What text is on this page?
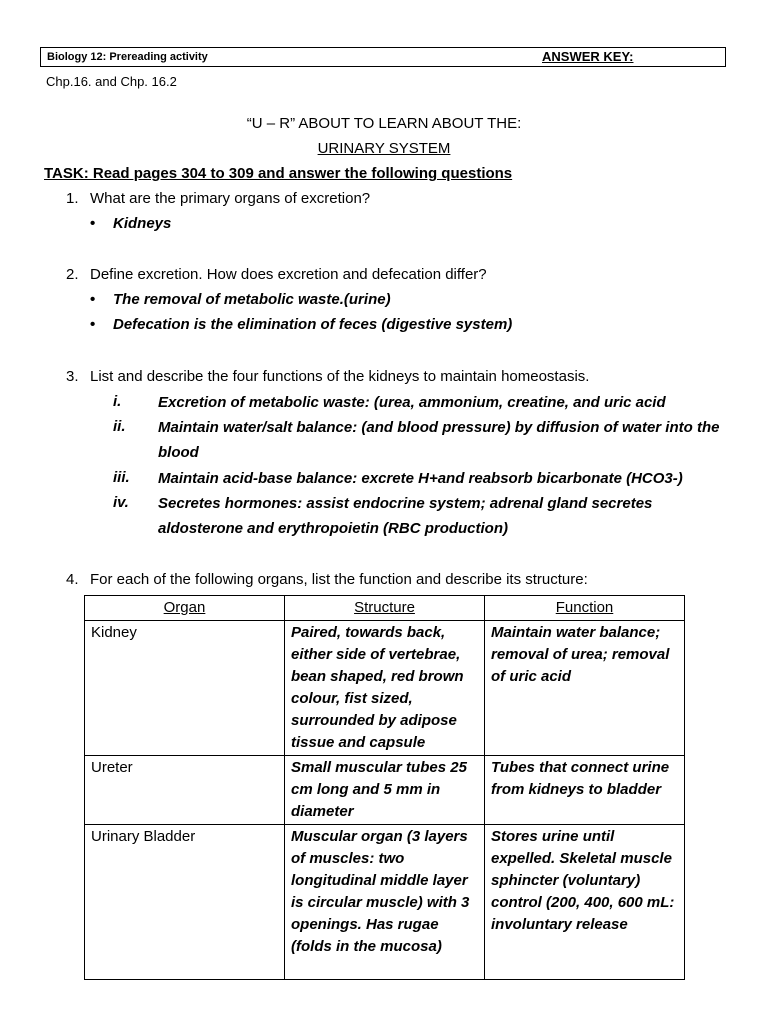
Biology 12: Prereading activity	ANSWER KEY:
Chp.16. and Chp. 16.2
“U – R” ABOUT TO LEARN ABOUT THE:
URINARY SYSTEM
TASK: Read pages 304 to 309 and answer the following questions
1. What are the primary organs of excretion?
• Kidneys
2. Define excretion. How does excretion and defecation differ?
• The removal of metabolic waste.(urine)
• Defecation is the elimination of feces (digestive system)
3. List and describe the four functions of the kidneys to maintain homeostasis.
i. Excretion of metabolic waste: (urea, ammonium, creatine, and uric acid
ii. Maintain water/salt balance: (and blood pressure) by diffusion of water into the blood
iii. Maintain acid-base balance: excrete H+and reabsorb bicarbonate (HCO3-)
iv. Secretes hormones: assist endocrine system; adrenal gland secretes aldosterone and erythropoietin (RBC production)
4. For each of the following organs, list the function and describe its structure:
Organ	Structure	Function
Kidney	Paired, towards back, either side of vertebrae, bean shaped, red brown colour, fist sized, surrounded by adipose tissue and capsule	Maintain water balance; removal of urea; removal of uric acid
Ureter	Small muscular tubes 25 cm long and 5 mm in diameter	Tubes that connect urine from kidneys to bladder
Urinary Bladder	Muscular organ (3 layers of muscles: two longitudinal middle layer is circular muscle) with 3 openings. Has rugae (folds in the mucosa)	Stores urine until expelled. Skeletal muscle sphincter (voluntary) control (200, 400, 600 mL: involuntary release
